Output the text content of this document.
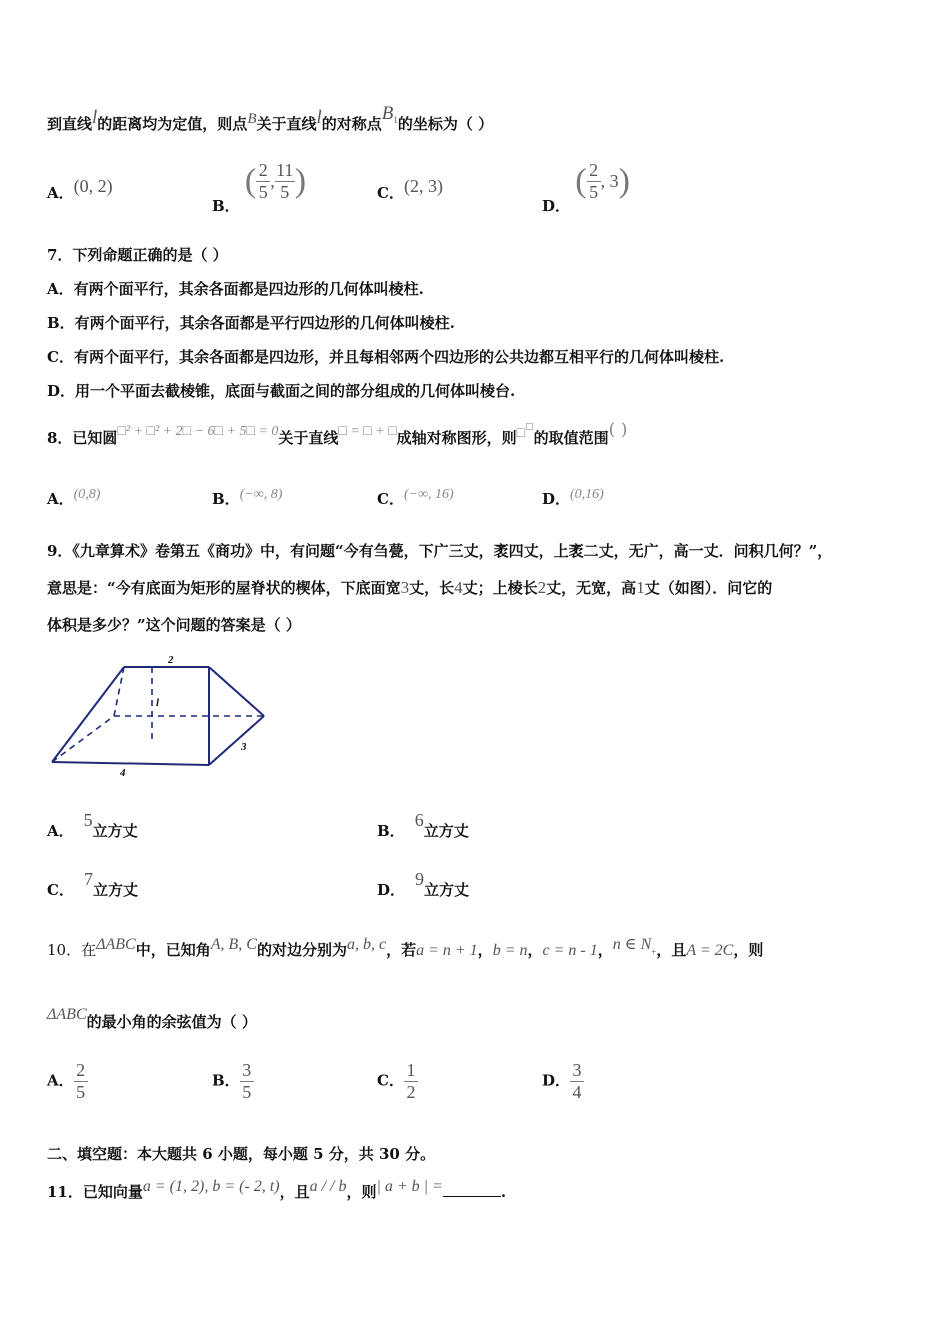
到直线l的距离均为定值，则点B关于直线l的对称点$B^1$的坐标为（ ）
A．(0, 2)
B． ( $\frac{2}{5}$ , $\frac{11}{5}$ )	C．(2, 3)
D． ( $\frac{2}{5}$ , 3)
7．下列命题正确的是（ ）
A．有两个面平行，其余各面都是四边形的几何体叫棱柱.
B．有两个面平行，其余各面都是平行四边形的几何体叫棱柱.
C．有两个面平行，其余各面都是四边形，并且每相邻两个四边形的公共边都互相平行的几何体叫棱柱.
D．用一个平面去截棱锥，底面与截面之间的部分组成的几何体叫棱台.
8．已知圆□² + □² + 2□ − 6□ + 5□ = 0关于直线□ = □ + □成轴对称图形，则□□的取值范围( )
A．(0,8)	B．(−∞, 8)	C．(−∞, 16)	D．(0,16)
9．《九章算术》卷第五《商功》中，有问题“今有刍甍，下广三丈，袤四丈，上袤二丈，无广，高一丈．问积几何？”，
意思是：“今有底面为矩形的屋脊状的楔体，下底面宽3丈，长4丈；上棱长2丈，无宽，高1丈（如图）．问它的
体积是多少？”这个问题的答案是（ ）
2
l
3
4
A．5立方丈	B．6立方丈
C．7立方丈	D．9立方丈
10．在ΔABC中，已知角A, B, C的对边分别为a, b, c，若a = n + 1，b = n，c = n - 1，n ∈ N+，且A = 2C，则
ΔABC的最小角的余弦值为（ ）
A． $\frac{2}{5}$	B． $\frac{3}{5}$	C． $\frac{1}{2}$	D． $\frac{3}{4}$
二、填空题：本大题共 6 小题，每小题 5 分，共 30 分。
11．已知向量a = (1, 2), b = (- 2, t)，且a / / b，则| a + b | =	.
